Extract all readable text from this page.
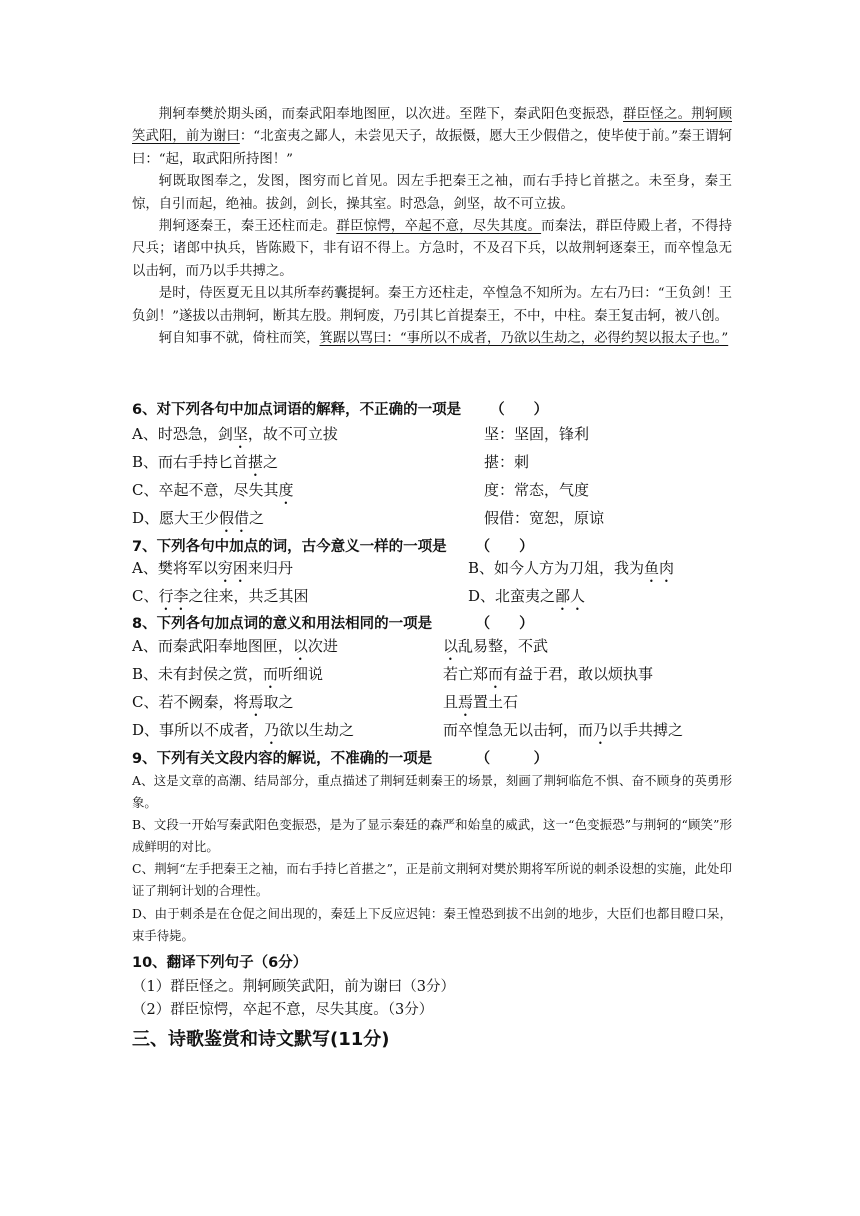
荆轲奉樊於期头函，而秦武阳奉地图匣，以次进。至陛下，秦武阳色变振恐，群臣怪之。荆轲顾笑武阳，前为谢曰：“北蛮夷之鄙人，未尝见天子，故振慑，愿大王少假借之，使毕使于前。”秦王谓轲曰：“起，取武阳所持图！”

轲既取图奉之，发图，图穷而匕首见。因左手把秦王之袖，而右手持匕首揕之。未至身，秦王惊，自引而起，绝袖。拔剑，剑长，操其室。时恐急，剑坚，故不可立拔。

荆轲逐秦王，秦王还柱而走。群臣惊愕，卒起不意，尽失其度。而秦法，群臣侍殿上者，不得持尺兵；诸郎中执兵，皆陈殿下，非有诏不得上。方急时，不及召下兵，以故荆轲逐秦王，而卒惶急无以击轲，而乃以手共搏之。

是时，侍医夏无且以其所奉药囊提轲。秦王方还柱走，卒惶急不知所为。左右乃曰：“王负剑！王负剑！”遂拔以击荆轲，断其左股。荆轲废，乃引其匕首提秦王，不中，中柱。秦王复击轲，被八创。

轲自知事不就，倚柱而笑，箕踞以骂曰：“事所以不成者，乃欲以生劫之，必得约契以报太子也。”

6、对下列各句中加点词语的解释，不正确的一项是　　 （　　）
A、时恐急，剑坚，故不可立拔	坚：坚固，锋利
B、而右手持匕首揕之	揕：刺
C、卒起不意，尽失其度	度：常态，气度
D、愿大王少假借之	假借：宽恕，原谅
7、下列各句中加点的词，古今意义一样的一项是　　 （　　）
A、樊将军以穷困来归丹	B、如今人方为刀俎，我为鱼肉
C、行李之往来，共乏其困	D、北蛮夷之鄙人
8、下列各句加点词的意义和用法相同的一项是　　　	（　　）
A、而秦武阳奉地图匣，以次进	以乱易整，不武
B、未有封侯之赏，而听细说	若亡郑而有益于君，敢以烦执事
C、若不阙秦，将焉取之	且焉置土石
D、事所以不成者，乃欲以生劫之	而卒惶急无以击轲，而乃以手共搏之
9、下列有关文段内容的解说，不准确的一项是　　　	（　　　）
A、这是文章的高潮、结局部分，重点描述了荆轲廷刺秦王的场景，刻画了荆轲临危不惧、奋不顾身的英勇形象。
B、文段一开始写秦武阳色变振恐，是为了显示秦廷的森严和始皇的威武，这一“色变振恐”与荆轲的“顾笑”形成鲜明的对比。
C、荆轲“左手把秦王之袖，而右手持匕首揕之”，正是前文荆轲对樊於期将军所说的刺杀设想的实施，此处印证了荆轲计划的合理性。
D、由于刺杀是在仓促之间出现的，秦廷上下反应迟钝：秦王惶恐到拔不出剑的地步，大臣们也都目瞪口呆，束手待毙。
10、翻译下列句子（6分）
（1）群臣怪之。荆轲顾笑武阳，前为谢曰（3分）
（2）群臣惊愕，卒起不意，尽失其度。（3分）
三、诗歌鉴赏和诗文默写(11分)
